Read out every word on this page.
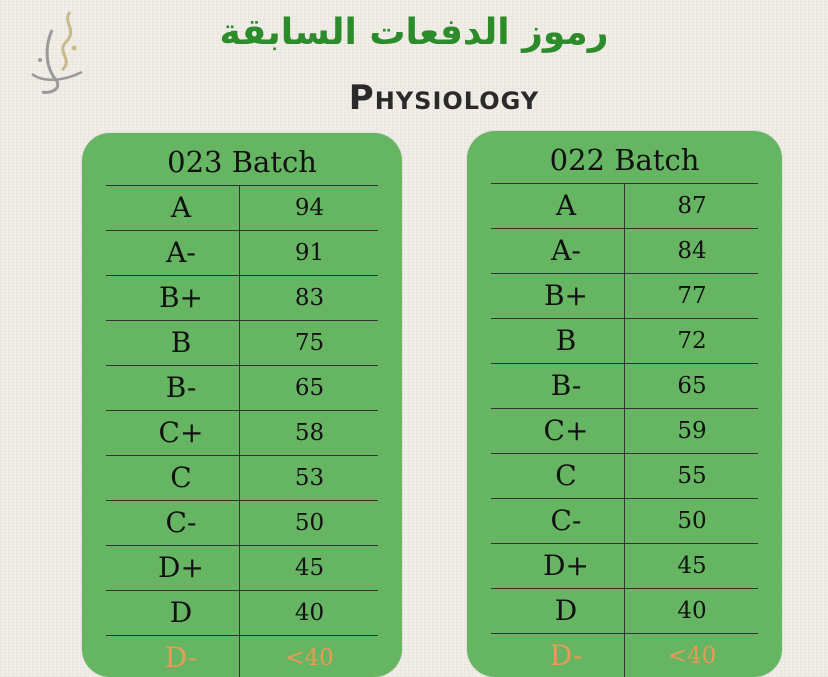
رموز الدفعات السابقة
Physiology
023 Batch
A	94
A-	91
B+	83
B	75
B-	65
C+	58
C	53
C-	50
D+	45
D	40
D-	<40
022 Batch
A	87
A-	84
B+	77
B	72
B-	65
C+	59
C	55
C-	50
D+	45
D	40
D-	<40
